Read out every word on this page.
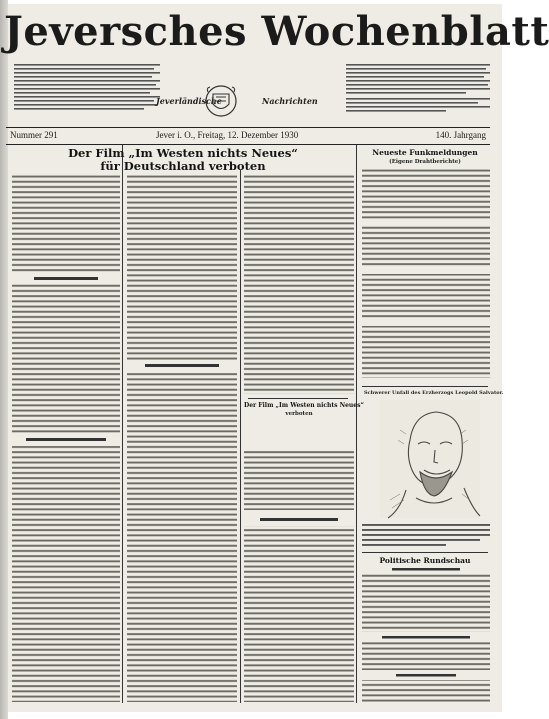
Jeversches Wochenblatt
Jeverländische	Nachrichten
Nummer 291	Jever i. O., Freitag, 12. Dezember 1930	140. Jahrgang
Der Film „Im Westen nichts Neues“
für Deutschland verboten
Der Film „Im Westen nichts Neues“
verboten
Neueste Funkmeldungen
(Eigene Drahtberichte)
Schwerer Unfall des Erzherzogs Leopold Salvator.
Politische Rundschau
